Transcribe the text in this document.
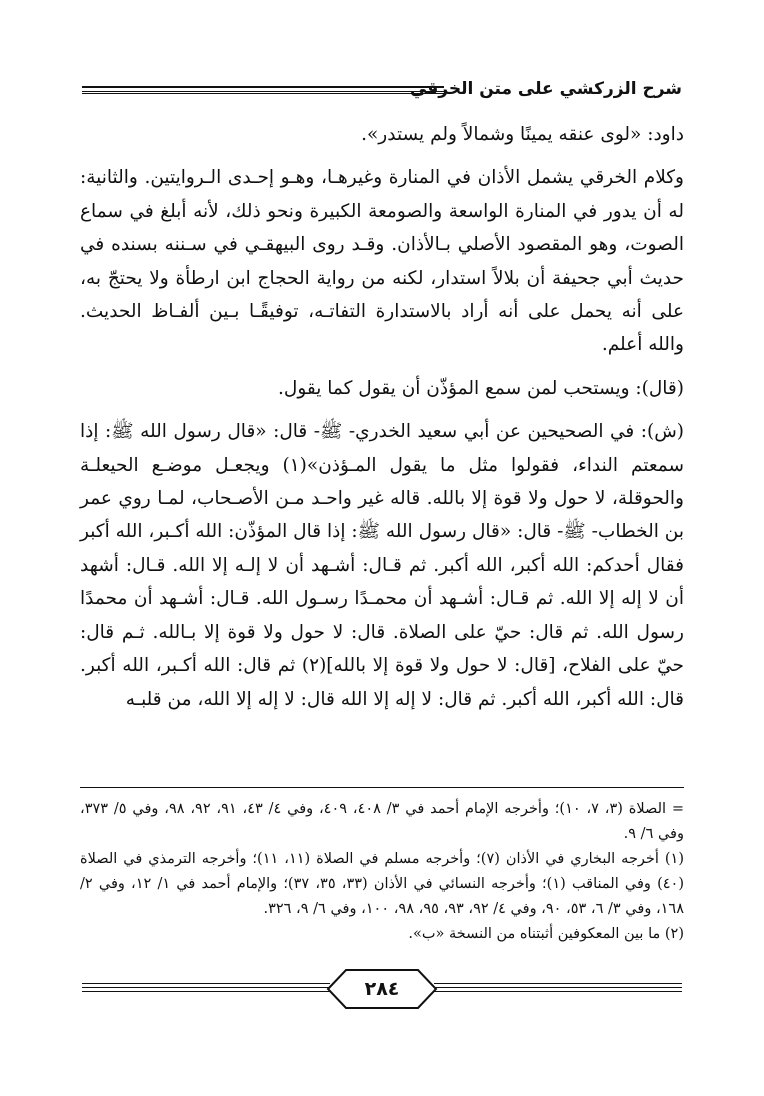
شرح الزركشي على متن الخرقي

داود: «لوى عنقه يمينًا وشمالاً ولم يستدر».

وكلام الخرقي يشمل الأذان في المنارة وغيرهـا، وهـو إحـدى الـروايتين. والثانية: له أن يدور في المنارة الواسعة والصومعة الكبيرة ونحو ذلك، لأنه أبلغ في سماع الصوت، وهو المقصود الأصلي بـالأذان. وقـد روى البيهقـي في سـننه بسنده في حديث أبي جحيفة أن بلالاً استدار، لكنه من رواية الحجاج ابن ارطأة ولا يحتجّ به، على أنه يحمل على أنه أراد بالاستدارة التفاتـه، توفيقًـا بـين ألفـاظ الحديث. والله أعلم.

(قال): ويستحب لمن سمع المؤذّن أن يقول كما يقول.

(ش): في الصحيحين عن أبي سعيد الخدري- ﷺ- قال: «قال رسول الله ﷺ: إذا سمعتم النداء، فقولوا مثل ما يقول المـؤذن»(١) ويجعـل موضـع الحيعلـة والحوقلة، لا حول ولا قوة إلا بالله. قاله غير واحـد مـن الأصـحاب، لمـا روي عمر بن الخطاب- ﷺ- قال: «قال رسول الله ﷺ: إذا قال المؤذّن: الله أكـبر، الله أكبر فقال أحدكم: الله أكبر، الله أكبر. ثم قـال: أشـهد أن لا إلـه إلا الله. قـال: أشهد أن لا إله إلا الله. ثم قـال: أشـهد أن محمـدًا رسـول الله. قـال: أشـهد أن محمدًا رسول الله. ثم قال: حيّ على الصلاة. قال: لا حول ولا قوة إلا بـالله. ثـم قال: حيّ على الفلاح، [قال: لا حول ولا قوة إلا بالله](٢) ثم قال: الله أكـبر، الله أكبر. قال: الله أكبر، الله أكبر. ثم قال: لا إله إلا الله قال: لا إله إلا الله، من قلبـه

= الصلاة (٣، ٧، ١٠)؛ وأخرجه الإمام أحمد في ٣/ ٤٠٨، ٤٠٩، وفي ٤/ ٤٣، ٩١، ٩٢، ٩٨، وفي ٥/ ٣٧٣، وفي ٦/ ٩.

(١) أخرجه البخاري في الأذان (٧)؛ وأخرجه مسلم في الصلاة (١١، ١١)؛ وأخرجه الترمذي في الصلاة (٤٠) وفي المناقب (١)؛ وأخرجه النسائي في الأذان (٣٣، ٣٥، ٣٧)؛ والإمام أحمد في ١/ ١٢، وفي ٢/ ١٦٨، وفي ٣/ ٦، ٥٣، ٩٠، وفي ٤/ ٩٢، ٩٣، ٩٥، ٩٨، ١٠٠، وفي ٦/ ٩، ٣٢٦.

(٢) ما بين المعكوفين أثبتناه من النسخة «ب».

٢٨٤
